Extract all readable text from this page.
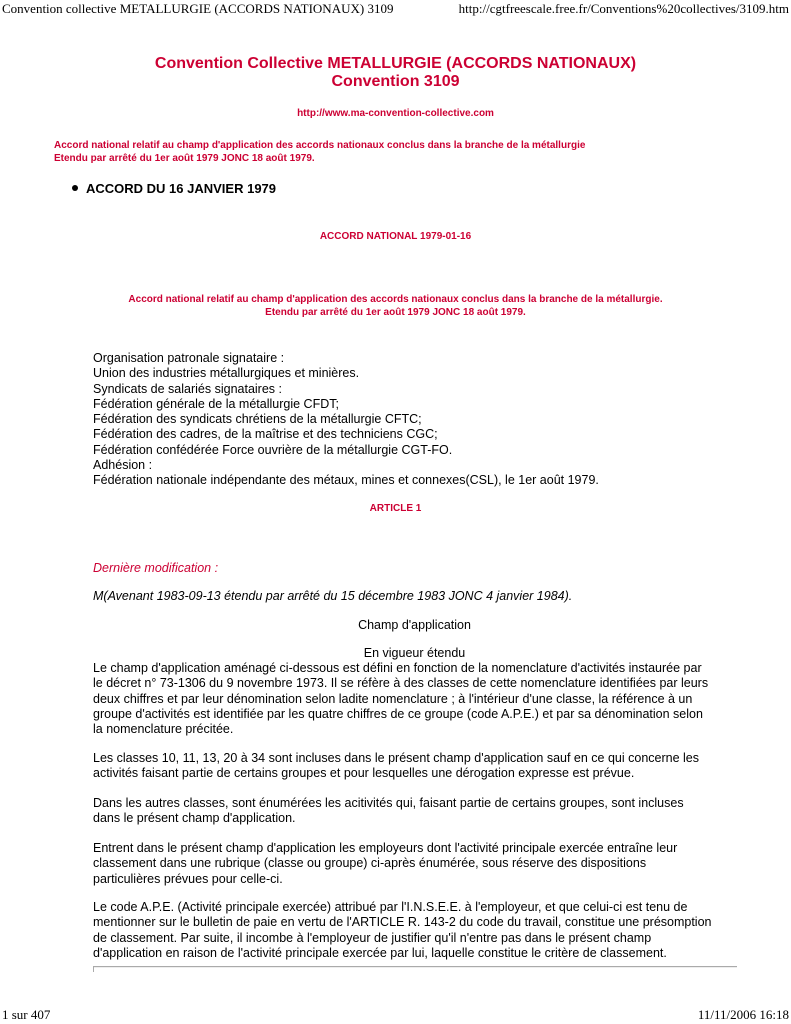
Convention collective METALLURGIE (ACCORDS NATIONAUX) 3109	http://cgtfreescale.free.fr/Conventions%20collectives/3109.htm
Convention Collective METALLURGIE (ACCORDS NATIONAUX)
Convention 3109
http://www.ma-convention-collective.com
Accord national relatif au champ d'application des accords nationaux conclus dans la branche de la métallurgie
Etendu par arrêté du 1er août 1979 JONC 18 août 1979.
ACCORD DU 16 JANVIER 1979
ACCORD NATIONAL 1979-01-16
Accord national relatif au champ d'application des accords nationaux conclus dans la branche de la métallurgie.
Etendu par arrêté du 1er août 1979 JONC 18 août 1979.
Organisation patronale signataire :
Union des industries métallurgiques et minières.
Syndicats de salariés signataires :
Fédération générale de la métallurgie CFDT;
Fédération des syndicats chrétiens de la métallurgie CFTC;
Fédération des cadres, de la maîtrise et des techniciens CGC;
Fédération confédérée Force ouvrière de la métallurgie CGT-FO.
Adhésion :
Fédération nationale indépendante des métaux, mines et connexes(CSL), le 1er août 1979.
ARTICLE 1
Dernière modification :
M(Avenant 1983-09-13 étendu par arrêté du 15 décembre 1983 JONC 4 janvier 1984).
Champ d'application
En vigueur étendu
Le champ d'application aménagé ci-dessous est défini en fonction de la nomenclature d'activités instaurée par
le décret n° 73-1306 du 9 novembre 1973. Il se réfère à des classes de cette nomenclature identifiées par leurs
deux chiffres et par leur dénomination selon ladite nomenclature ; à l'intérieur d'une classe, la référence à un
groupe d'activités est identifiée par les quatre chiffres de ce groupe (code A.P.E.) et par sa dénomination selon
la nomenclature précitée.
Les classes 10, 11, 13, 20 à 34 sont incluses dans le présent champ d'application sauf en ce qui concerne les
activités faisant partie de certains groupes et pour lesquelles une dérogation expresse est prévue.
Dans les autres classes, sont énumérées les acitivités qui, faisant partie de certains groupes, sont incluses
dans le présent champ d'application.
Entrent dans le présent champ d'application les employeurs dont l'activité principale exercée entraîne leur
classement dans une rubrique (classe ou groupe) ci-après énumérée, sous réserve des dispositions
particulières prévues pour celle-ci.
Le code A.P.E. (Activité principale exercée) attribué par l'I.N.S.E.E. à l'employeur, et que celui-ci est tenu de
mentionner sur le bulletin de paie en vertu de l'ARTICLE R. 143-2 du code du travail, constitue une présomption
de classement. Par suite, il incombe à l'employeur de justifier qu'il n'entre pas dans le présent champ
d'application en raison de l'activité principale exercée par lui, laquelle constitue le critère de classement.
1 sur 407	11/11/2006 16:18
